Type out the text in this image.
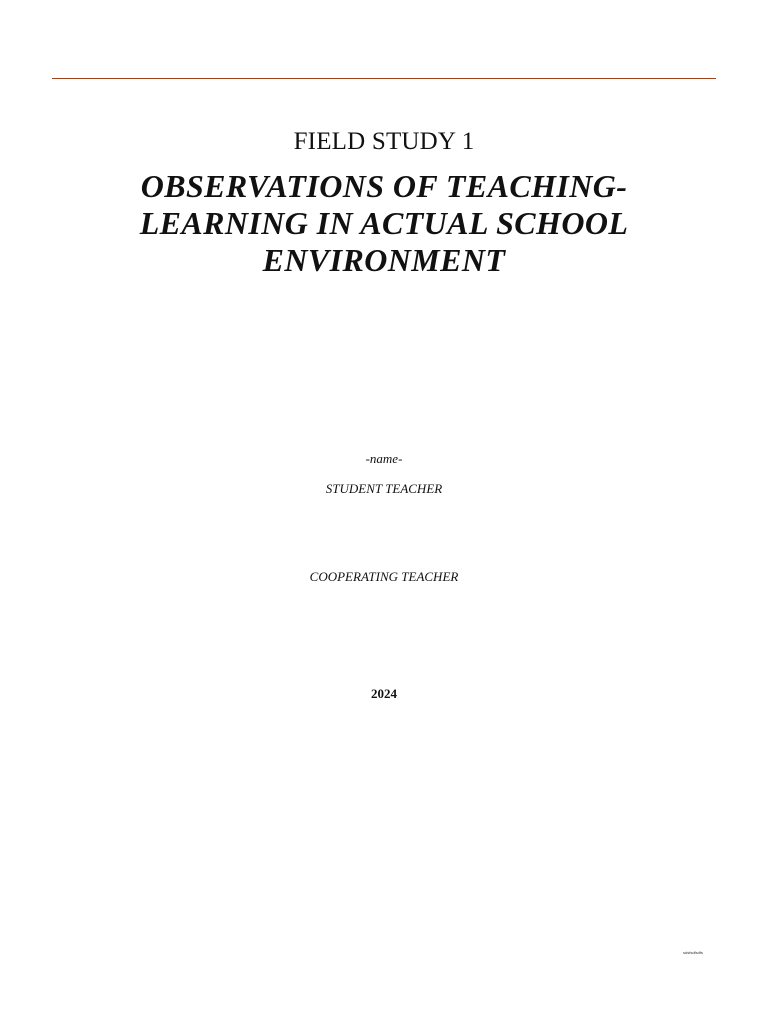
FIELD STUDY 1
OBSERVATIONS OF TEACHING-
LEARNING IN ACTUAL SCHOOL
ENVIRONMENT
-name-
STUDENT TEACHER
COOPERATING TEACHER
2024
sdsfsdfsdfs
